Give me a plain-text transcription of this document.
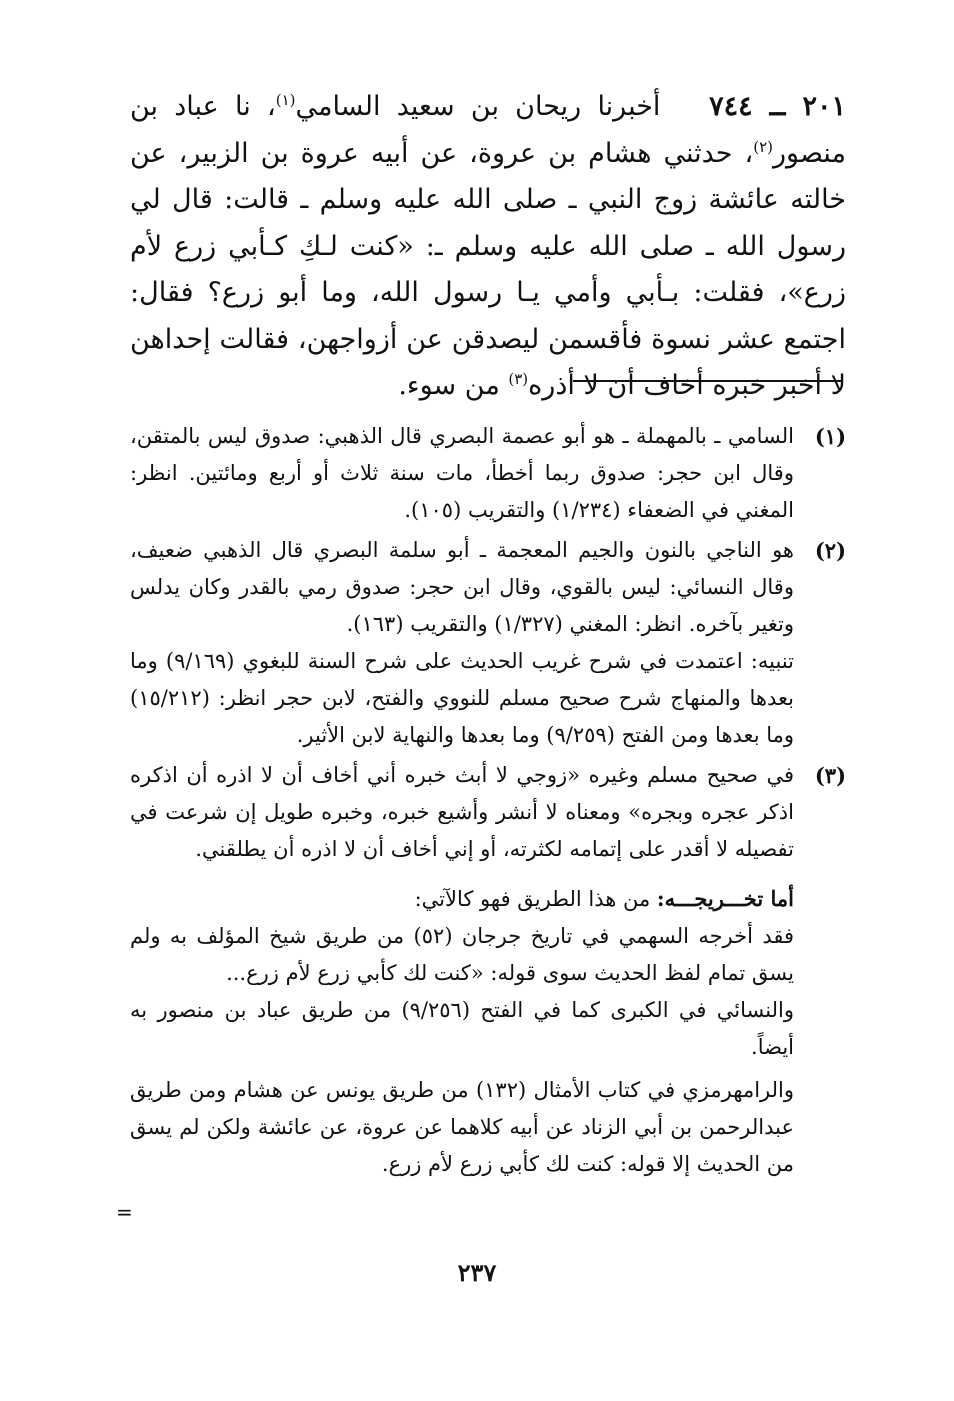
٢٠١ ــ ٧٤٤   أخبرنا ريحان بن سعيد السامي$^{(١)}$، نا عباد بن منصور$^{(٢)}$، حدثني هشام بن عروة، عن أبيه عروة بن الزبير، عن خالته عائشة زوج النبي ـ صلى الله عليه وسلم ـ قالت: قال لي رسول الله ـ صلى الله عليه وسلم ـ: «كنت لـكِ كـأبي زرع لأم زرع»، فقلت: بـأبي وأمي يـا رسول الله، وما أبو زرع؟ فقال: اجتمع عشر نسوة فأقسمن ليصدقن عن أزواجهن، فقالت إحداهن لا أخبر خبره أخاف أن لا أذره$^{(٣)}$ من سوء.

(١)

السامي ـ بالمهملة ـ هو أبو عصمة البصري قال الذهبي: صدوق ليس بالمتقن، وقال ابن حجر: صدوق ربما أخطأ، مات سنة ثلاث أو أربع ومائتين. انظر: المغني في الضعفاء (١/٢٣٤) والتقريب (١٠٥).

(٢)

هو الناجي بالنون والجيم المعجمة ـ أبو سلمة البصري قال الذهبي ضعيف، وقال النسائي: ليس بالقوي، وقال ابن حجر: صدوق رمي بالقدر وكان يدلس وتغير بآخره. انظر: المغني (١/٣٢٧) والتقريب (١٦٣).

تنبيه: اعتمدت في شرح غريب الحديث على شرح السنة للبغوي (٩/١٦٩) وما بعدها والمنهاج شرح صحيح مسلم للنووي والفتح، لابن حجر انظر: (١٥/٢١٢) وما بعدها ومن الفتح (٩/٢٥٩) وما بعدها والنهاية لابن الأثير.

(٣)

في صحيح مسلم وغيره «زوجي لا أبث خبره أني أخاف أن لا اذره أن اذكره اذكر عجره وبجره» ومعناه لا أنشر وأشيع خبره، وخبره طويل إن شرعت في تفصيله لا أقدر على إتمامه لكثرته، أو إني أخاف أن لا اذره أن يطلقني.

أما تخـــريجـــه: من هذا الطريق فهو كالآتي:

فقد أخرجه السهمي في تاريخ جرجان (٥٢) من طريق شيخ المؤلف به ولم يسق تمام لفظ الحديث سوى قوله: «كنت لك كأبي زرع لأم زرع...

والنسائي في الكبرى كما في الفتح (٩/٢٥٦) من طريق عباد بن منصور به أيضاً.

والرامهرمزي في كتاب الأمثال (١٣٢) من طريق يونس عن هشام ومن طريق عبدالرحمن بن أبي الزناد عن أبيه كلاهما عن عروة، عن عائشة ولكن لم يسق من الحديث إلا قوله: كنت لك كأبي زرع لأم زرع.

=
٢٣٧
